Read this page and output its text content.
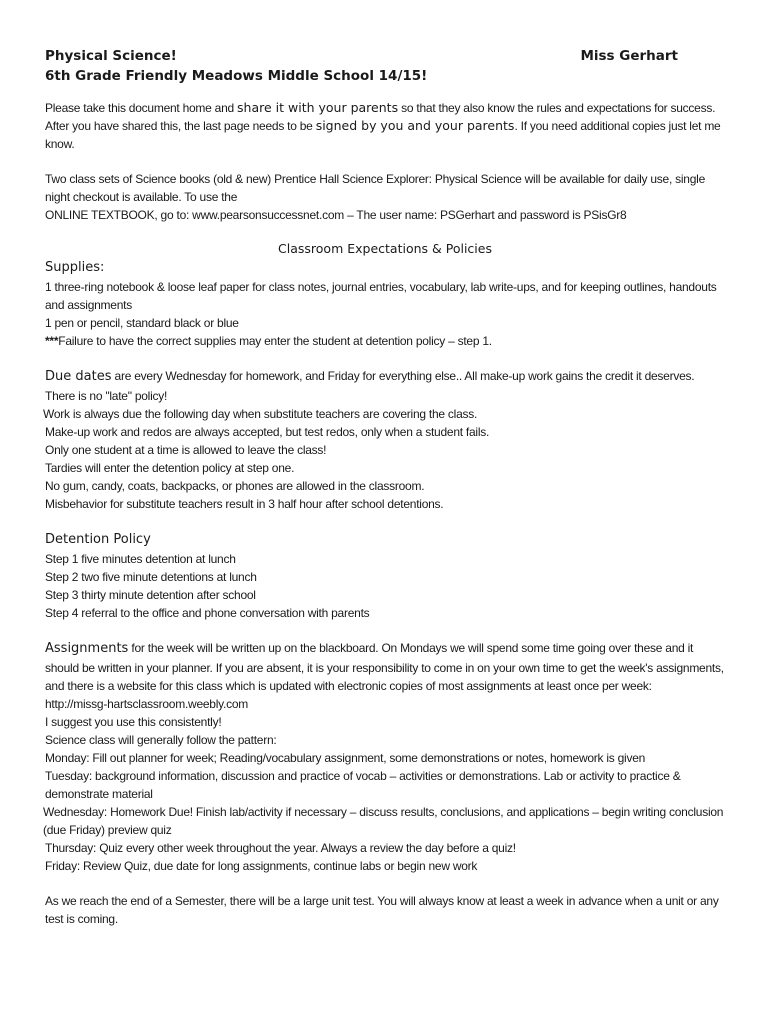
Physical Science!	Miss Gerhart
6th Grade Friendly Meadows Middle School 14/15!

Please take this document home and share it with your parents so that they also know the rules and expectations for success. After you have shared this, the last page needs to be signed by you and your parents. If you need additional copies just let me know.

Two class sets of Science books (old & new) Prentice Hall Science Explorer: Physical Science will be available for daily use, single night checkout is available. To use the
ONLINE TEXTBOOK, go to: www.pearsonsuccessnet.com – The user name: PSGerhart and password is PSisGr8

Classroom Expectations & Policies
Supplies:

1 three-ring notebook & loose leaf paper for class notes, journal entries, vocabulary, lab write-ups, and for keeping outlines, handouts and assignments

1 pen or pencil, standard black or blue

***Failure to have the correct supplies may enter the student at detention policy – step 1.

Due dates are every Wednesday for homework, and Friday for everything else.. All make-up work gains the credit it deserves. There is no "late" policy!

Work is always due the following day when substitute teachers are covering the class.

Make-up work and redos are always accepted, but test redos, only when a student fails.

Only one student at a time is allowed to leave the class!

Tardies will enter the detention policy at step one.

No gum, candy, coats, backpacks, or phones are allowed in the classroom.

Misbehavior for substitute teachers result in 3 half hour after school detentions.

Detention Policy

Step 1 five minutes detention at lunch

Step 2 two five minute detentions at lunch

Step 3 thirty minute detention after school

Step 4 referral to the office and phone conversation with parents

Assignments for the week will be written up on the blackboard. On Mondays we will spend some time going over these and it should be written in your planner. If you are absent, it is your responsibility to come in on your own time to get the week's assignments, and there is a website for this class which is updated with electronic copies of most assignments at least once per week:

http://missg-hartsclassroom.weebly.com

I suggest you use this consistently!

Science class will generally follow the pattern:

Monday: Fill out planner for week; Reading/vocabulary assignment, some demonstrations or notes, homework is given

Tuesday: background information, discussion and practice of vocab – activities or demonstrations. Lab or activity to practice & demonstrate material

Wednesday: Homework Due! Finish lab/activity if necessary – discuss results, conclusions, and applications – begin writing conclusion (due Friday) preview quiz

Thursday: Quiz every other week throughout the year. Always a review the day before a quiz!

Friday: Review Quiz, due date for long assignments, continue labs or begin new work

As we reach the end of a Semester, there will be a large unit test. You will always know at least a week in advance when a unit or any test is coming.
